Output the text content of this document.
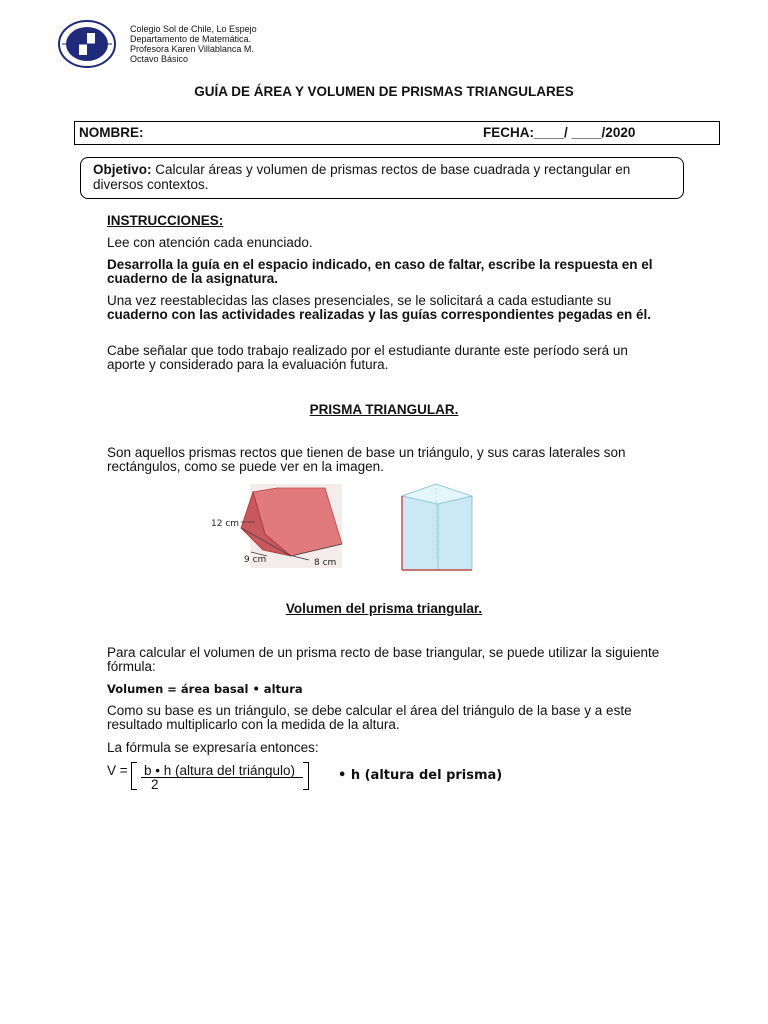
Colegio Sol de Chile, Lo Espejo
Departamento de Matemática.
Profesora Karen Villablanca M.
Octavo Básico
GUÍA DE ÁREA Y VOLUMEN DE PRISMAS TRIANGULARES
NOMBRE:	FECHA:____/ ____/2020
Objetivo: Calcular áreas y volumen de prismas rectos de base cuadrada y rectangular en diversos contextos.
INSTRUCCIONES:
Lee con atención cada enunciado.
Desarrolla la guía en el espacio indicado, en caso de faltar, escribe la respuesta en el cuaderno de la asignatura.
Una vez reestablecidas las clases presenciales, se le solicitará a cada estudiante su cuaderno con las actividades realizadas y las guías correspondientes pegadas en él.
Cabe señalar que todo trabajo realizado por el estudiante durante este período será un aporte y considerado para la evaluación futura.
PRISMA TRIANGULAR.
Son aquellos prismas rectos que tienen de base un triángulo, y sus caras laterales son rectángulos, como se puede ver en la imagen.
12 cm
9 cm	8 cm
Volumen del prisma triangular.
Para calcular el volumen de un prisma recto de base triangular, se puede utilizar la siguiente fórmula:
Volumen = área basal • altura
Como su base es un triángulo, se debe calcular el área del triángulo de la base y a este resultado multiplicarlo con la medida de la altura.
La fórmula se expresaría entonces:
V = b • h (altura del triángulo)
2
• h (altura del prisma)
